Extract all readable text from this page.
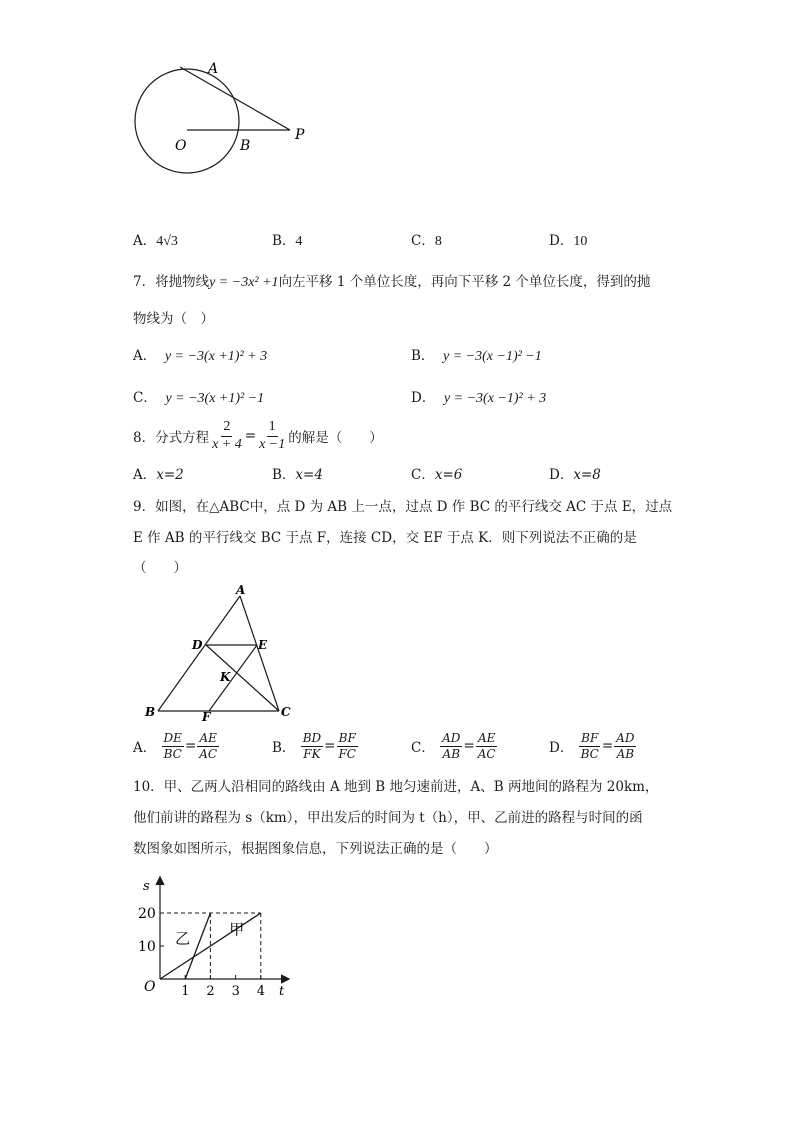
A
O	B
P
A．4√3	B．4	C．8	D．10
7．将抛物线y = −3x² +1向左平移 1 个单位长度，再向下平移 2 个单位长度，得到的抛
物线为（　）
A． y = −3(x +1)² + 3	B． y = −3(x −1)² −1
C． y = −3(x +1)² −1	D． y = −3(x −1)² + 3
8． 分式方程 $\frac{2}{x + 4} = \frac{1}{x -1}$ 的解是（　　）
A．x=2	B．x=4	C．x=6	D．x=8
9．如图，在△ABC中，点 D 为 AB 上一点，过点 D 作 BC 的平行线交 AC 于点 E，过点
E 作 AB 的平行线交 BC 于点 F，连接 CD，交 EF 于点 K．则下列说法不正确的是
（　　）
A
D	E
K
B	F	C
A．
$\frac{DE}{BC} = \frac{AE}{AC}$	B．
$\frac{BD}{FK} = \frac{BF}{FC}$	C．
$\frac{AD}{AB} = \frac{AE}{AC}$	D．
$\frac{BF}{BC} = \frac{AD}{AB}$
10．甲、乙两人沿相同的路线由 A 地到 B 地匀速前进，A、B 两地间的路程为 20km，
他们前讲的路程为 s（km），甲出发后的时间为 t（h），甲、乙前进的路程与时间的函
数图象如图所示，根据图象信息，下列说法正确的是（　　）
甲
乙
1 2 3 4
10
20
s
t
O
